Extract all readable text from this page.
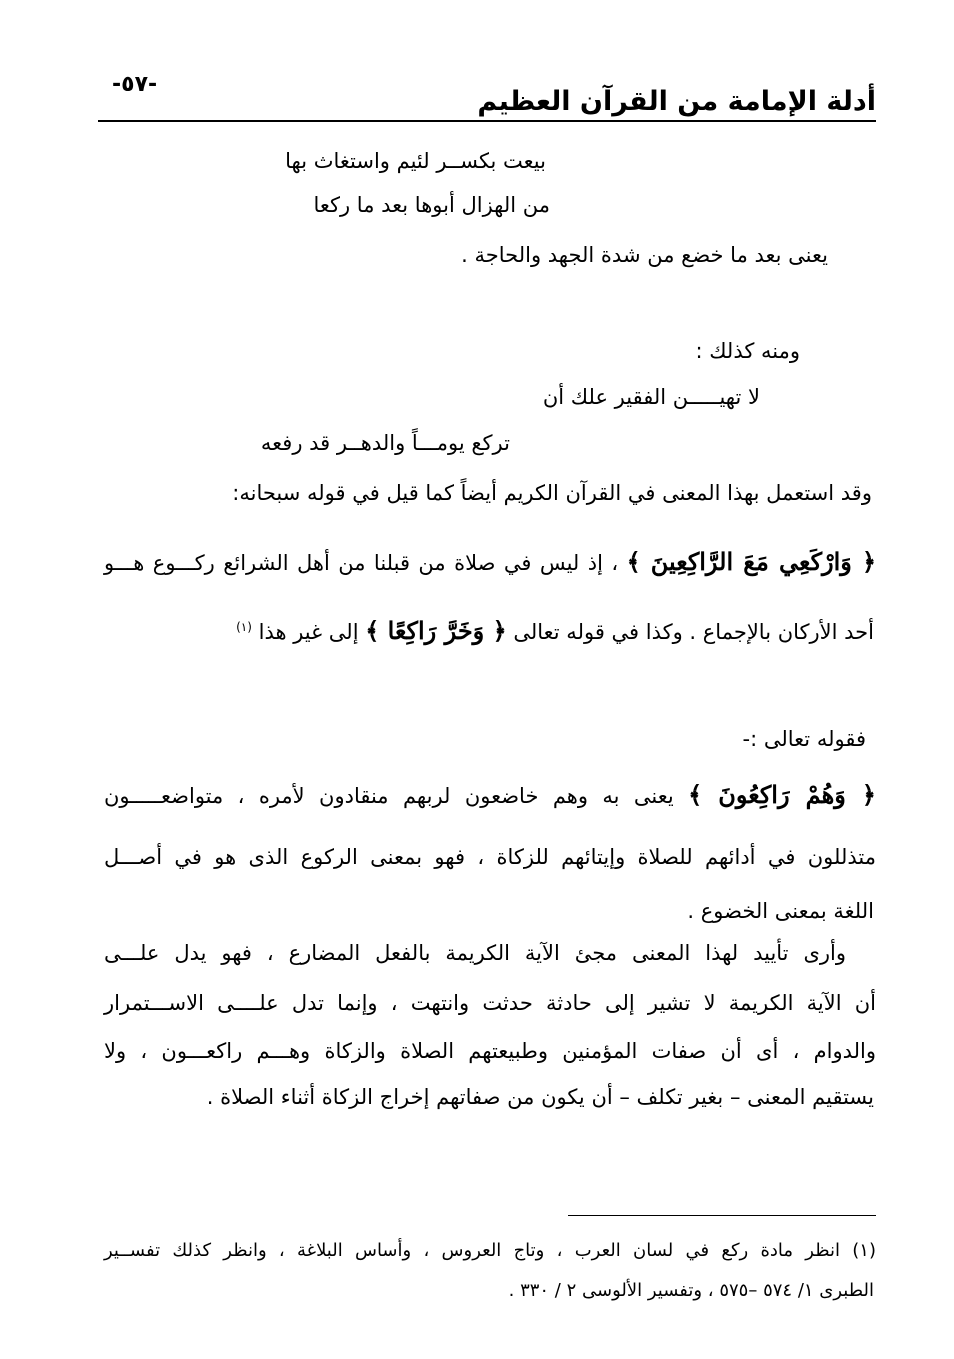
-٥٧-
أدلة الإمامة من القرآن العظيم
بيعت بكســر لئيم واستغاث بها
من الهزال أبوها بعد ما ركعا
يعنى بعد ما خضع من شدة الجهد والحاجة .
ومنه كذلك :
لا تهيـــــن الفقير علك أن
تركع يومـــاً والدهــر قد رفعه
وقد استعمل بهذا المعنى في القرآن الكريم أيضاً كما قيل في قوله سبحانه:
﴿ وَارْكَعِي مَعَ الرَّاكِعِينَ ﴾ ، إذ ليس في صلاة من قبلنا من أهل الشرائع ركـــوع هـــو
أحد الأركان بالإجماع . وكذا في قوله تعالى ﴿ وَخَرَّ رَاكِعًا ﴾ إلى غير هذا $^{(١)}$
فقوله تعالى :-
﴿ وَهُمْ رَاكِعُونَ ﴾ يعنى به وهم خاضعون لربهم منقادون لأمره ، متواضعـــــون
متذللون في أدائهم للصلاة وإيتائهم للزكاة ، فهو بمعنى الركوع الذى هو في أصـــل
اللغة بمعنى الخضوع .
وأرى تأييد لهذا المعنى مجئ الآية الكريمة بالفعل المضارع ، فهو يدل علـــى
أن الآية الكريمة لا تشير إلى حادثة حدثت وانتهت ، وإنما تدل علــــى الاســـتمرار
والدوام ، أى أن صفات المؤمنين وطبيعتهم الصلاة والزكاة وهـــم راكعـــون ، ولا
يستقيم المعنى – بغير تكلف – أن يكون من صفاتهم إخراج الزكاة أثناء الصلاة .
(١) انظر مادة ركع في لسان العرب ، وتاج العروس ، وأساس البلاغة ، وانظر كذلك تفســير
الطبرى ١/ ٥٧٤ –٥٧٥ ، وتفسير الألوسى ٢ / ٣٣٠ .
